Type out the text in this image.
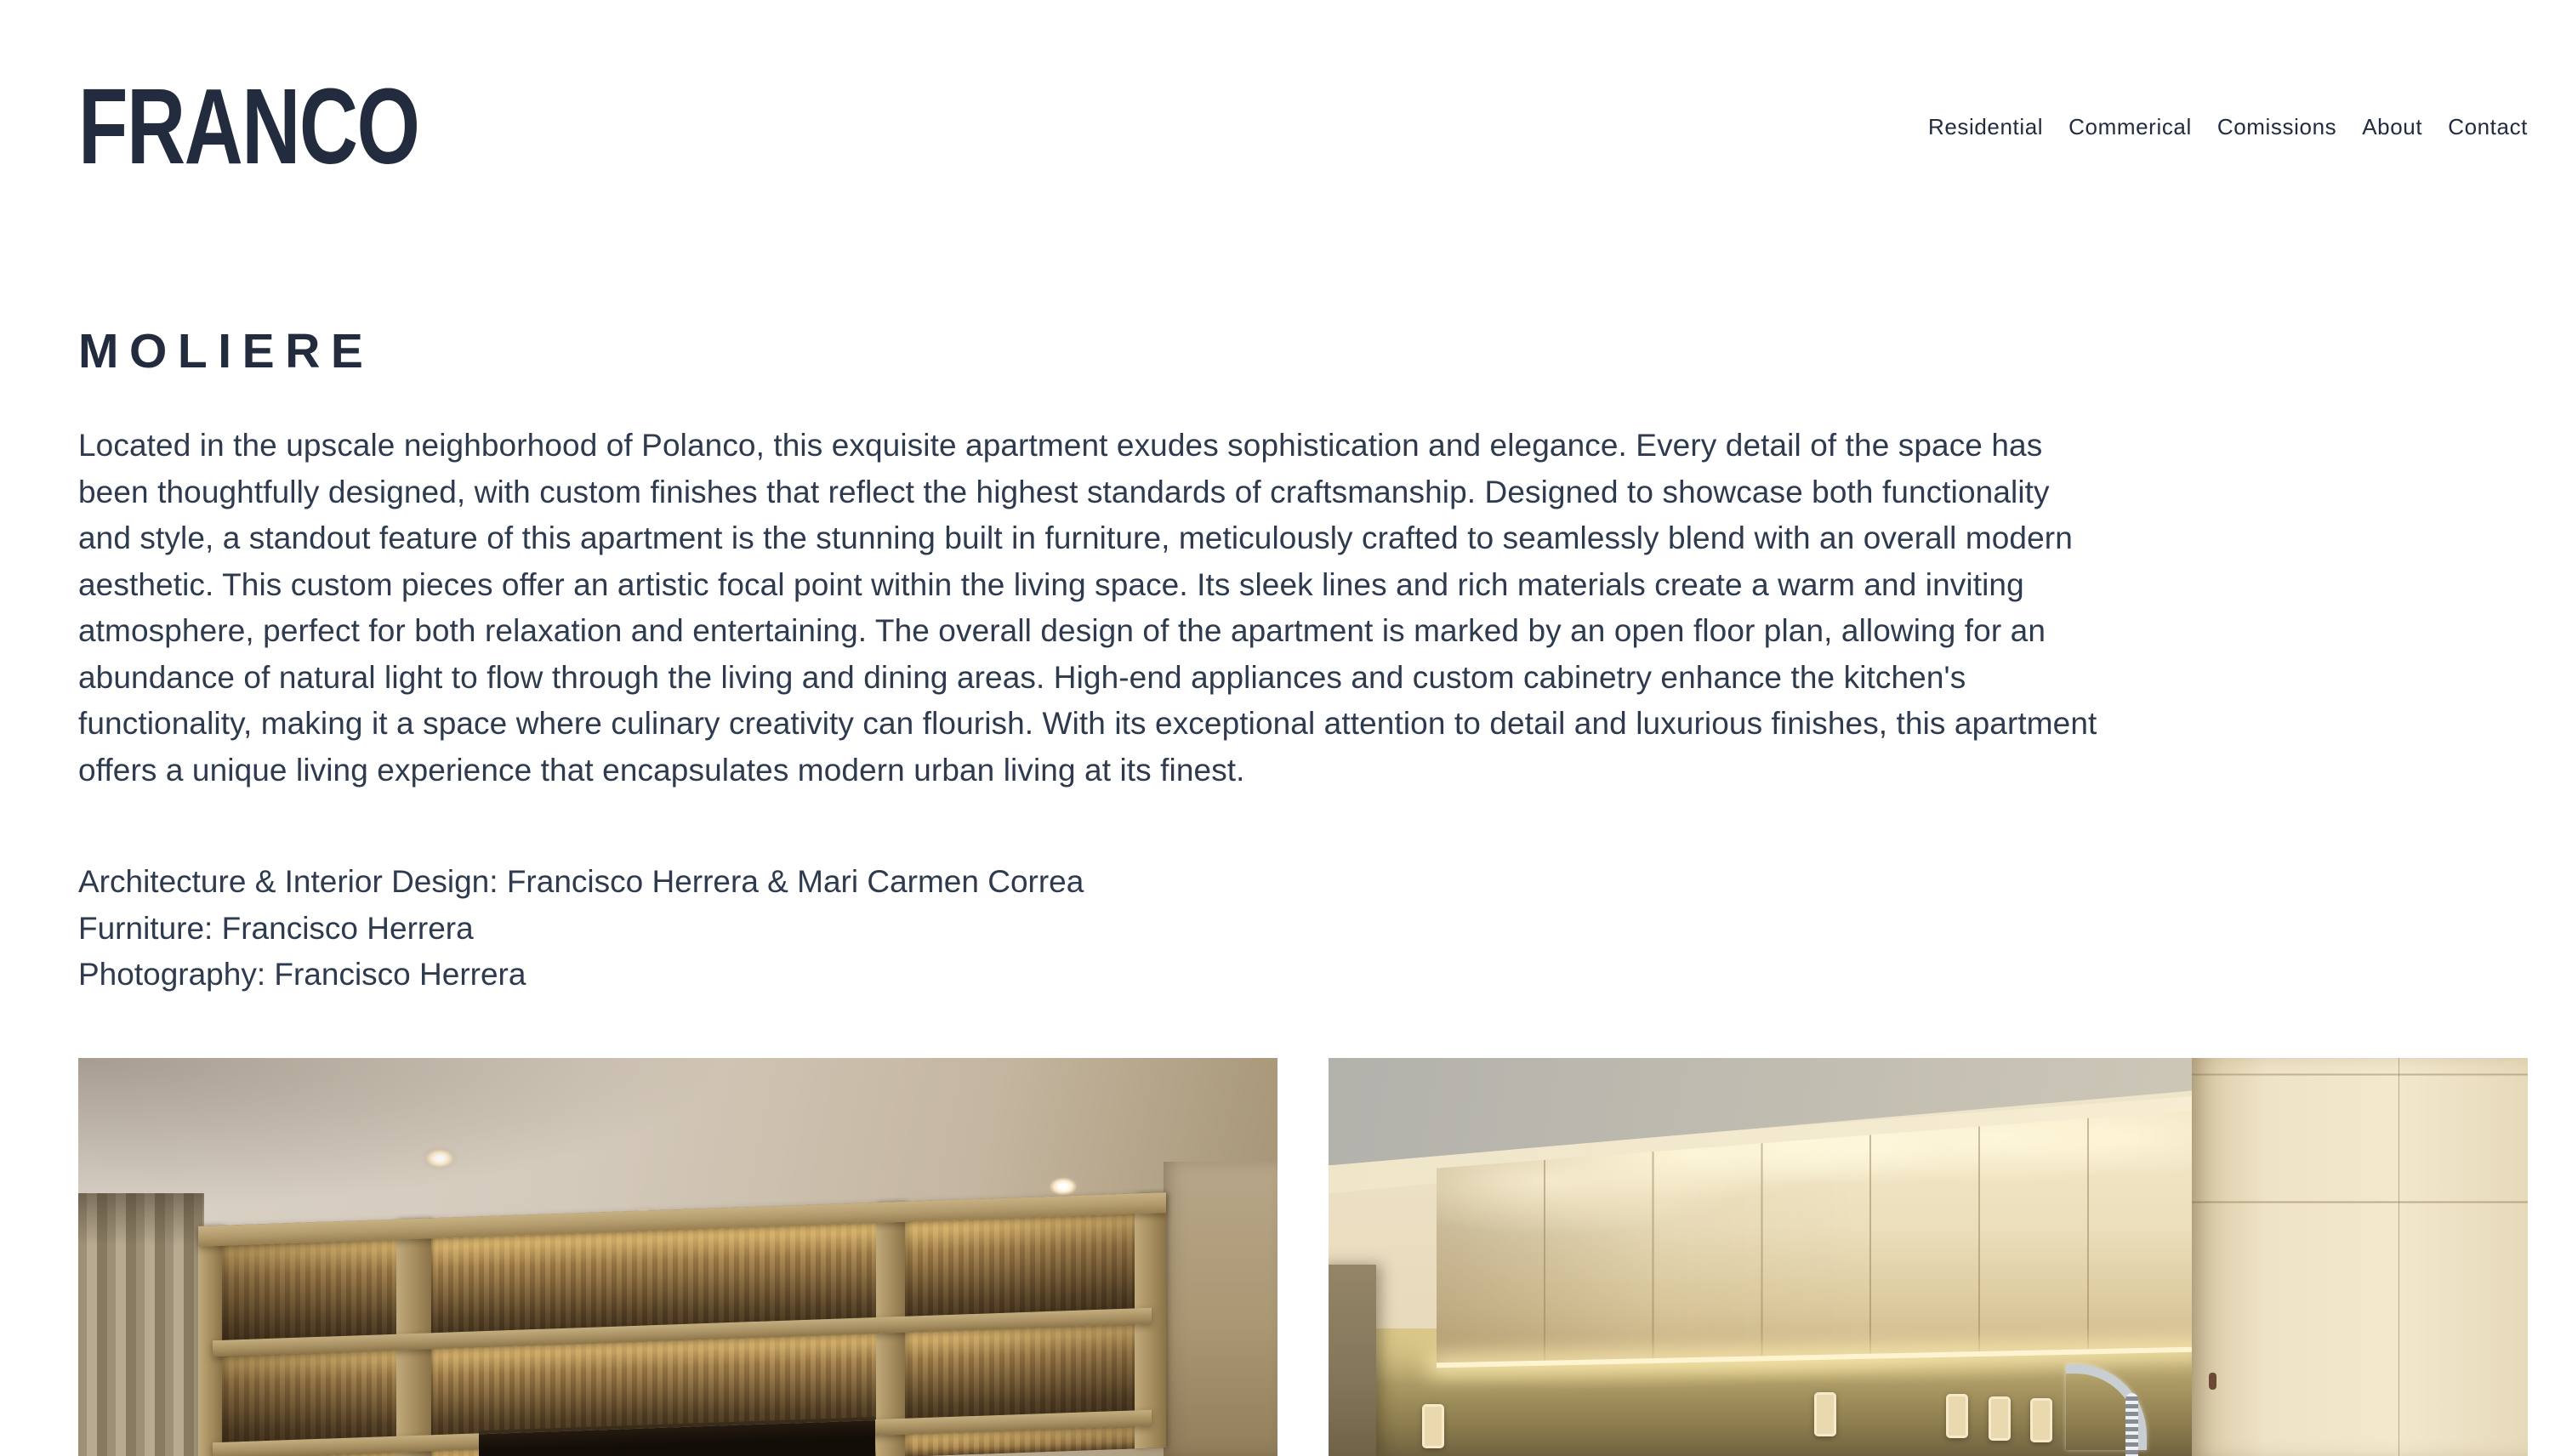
FRANCO	Residential Commerical Comissions About Contact
MOLIERE

Located in the upscale neighborhood of Polanco, this exquisite apartment exudes sophistication and elegance. Every detail of the space has been thoughtfully designed, with custom finishes that reflect the highest standards of craftsmanship. Designed to showcase both functionality and style, a standout feature of this apartment is the stunning built in furniture, meticulously crafted to seamlessly blend with an overall modern aesthetic. This custom pieces offer an artistic focal point within the living space. Its sleek lines and rich materials create a warm and inviting atmosphere, perfect for both relaxation and entertaining. The overall design of the apartment is marked by an open floor plan, allowing for an abundance of natural light to flow through the living and dining areas. High-end appliances and custom cabinetry enhance the kitchen's functionality, making it a space where culinary creativity can flourish. With its exceptional attention to detail and luxurious finishes, this apartment offers a unique living experience that encapsulates modern urban living at its finest.

Architecture & Interior Design: Francisco Herrera & Mari Carmen Correa
Furniture: Francisco Herrera
Photography: Francisco Herrera
